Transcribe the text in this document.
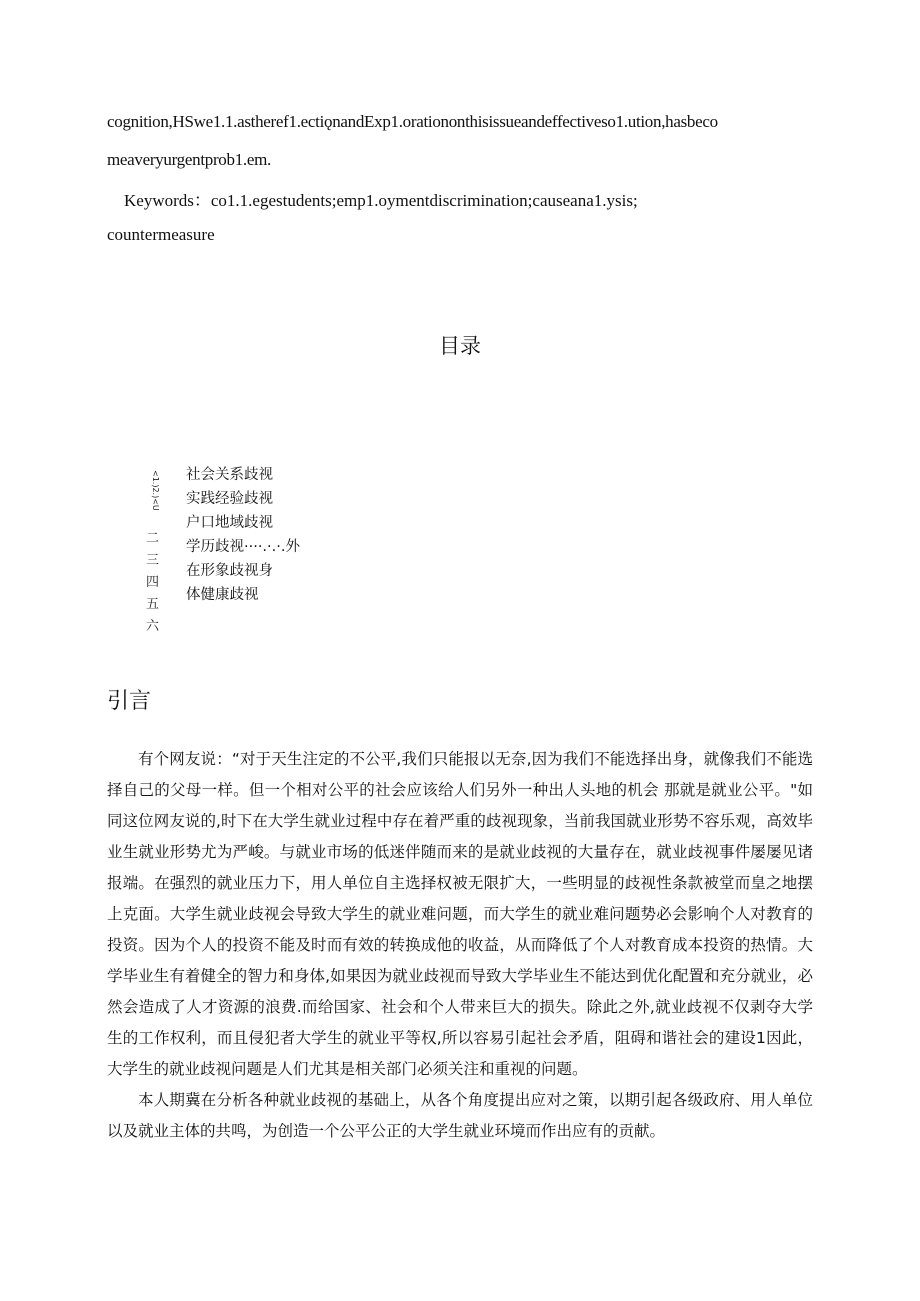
cognition,HSwe1.1.astheref1.ectiǫnandExp1.orationonthisissueandeffectiveso1.ution,hasbeco
meaveryurgentprob1.em.
Keywords：co1.1.egestudents;emp1.oymentdiscrimination;causeana1.ysis;
countermeasure
目录
<1.)2.)<U
二
三
四
五
六
社会关系歧视
实践经验歧视
户口地域歧视
学历歧视····.·.·.外
在形象歧视身
体健康歧视
引言

有个网友说：“对于天生注定的不公平,我们只能报以无奈,因为我们不能选择出身，就像我们不能选择自己的父母一样。但一个相对公平的社会应该给人们另外一种出人头地的机会 那就是就业公平。"如同这位网友说的,时下在大学生就业过程中存在着严重的歧视现象，当前我国就业形势不容乐观，高效毕业生就业形势尤为严峻。与就业市场的低迷伴随而来的是就业歧视的大量存在，就业歧视事件屡屡见诸报端。在强烈的就业压力下，用人单位自主选择权被无限扩大，一些明显的歧视性条款被堂而皇之地摆上克面。大学生就业歧视会导致大学生的就业难问题，而大学生的就业难问题势必会影响个人对教育的投资。因为个人的投资不能及时而有效的转换成他的收益，从而降低了个人对教育成本投资的热情。大学毕业生有着健全的智力和身体,如果因为就业歧视而导致大学毕业生不能达到优化配置和充分就业，必然会造成了人才资源的浪费.而给国家、社会和个人带来巨大的损失。除此之外,就业歧视不仅剥夺大学生的工作权利，而且侵犯者大学生的就业平等权,所以容易引起社会矛盾，阻碍和谐社会的建设1因此，大学生的就业歧视问题是人们尤其是相关部门必须关注和重视的问题。

本人期冀在分析各种就业歧视的基础上，从各个角度提出应对之策，以期引起各级政府、用人单位以及就业主体的共鸣，为创造一个公平公正的大学生就业环境而作出应有的贡献。
